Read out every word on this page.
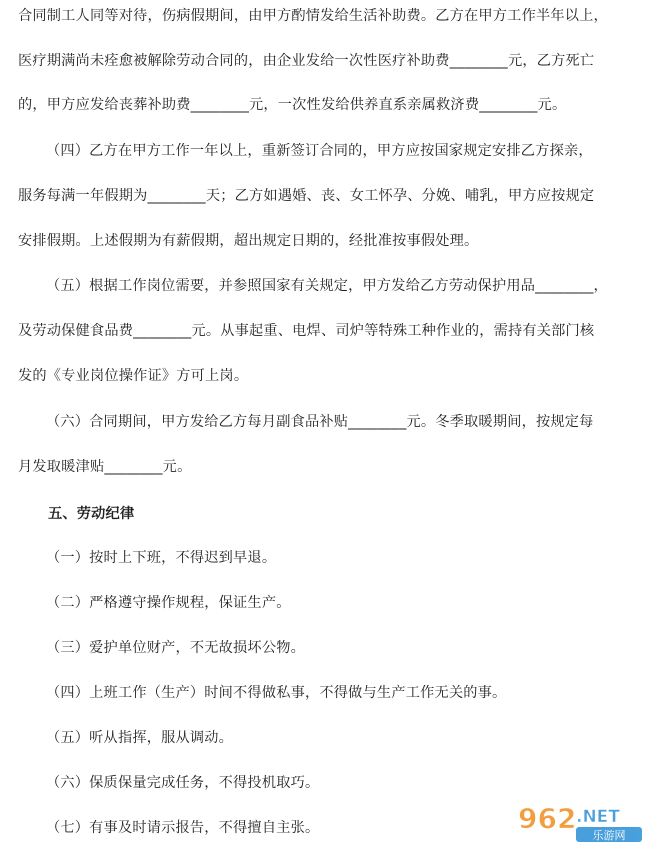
合同制工人同等对待，伤病假期间，由甲方酌情发给生活补助费。乙方在甲方工作半年以上，
医疗期满尚未痊愈被解除劳动合同的，由企业发给一次性医疗补助费________元，乙方死亡
的，甲方应发给丧葬补助费________元，一次性发给供养直系亲属救济费________元。
（四）乙方在甲方工作一年以上，重新签订合同的，甲方应按国家规定安排乙方探亲，
服务每满一年假期为________天；乙方如遇婚、丧、女工怀孕、分娩、哺乳，甲方应按规定
安排假期。上述假期为有薪假期，超出规定日期的，经批准按事假处理。
（五）根据工作岗位需要，并参照国家有关规定，甲方发给乙方劳动保护用品________，
及劳动保健食品费________元。从事起重、电焊、司炉等特殊工种作业的，需持有关部门核
发的《专业岗位操作证》方可上岗。
（六）合同期间，甲方发给乙方每月副食品补贴________元。冬季取暖期间，按规定每
月发取暖津贴________元。
五、劳动纪律
（一）按时上下班，不得迟到早退。
（二）严格遵守操作规程，保证生产。
（三）爱护单位财产，不无故损坏公物。
（四）上班工作（生产）时间不得做私事，不得做与生产工作无关的事。
（五）听从指挥，服从调动。
（六）保质保量完成任务，不得投机取巧。
（七）有事及时请示报告，不得擅自主张。	962 .NET
乐游网
